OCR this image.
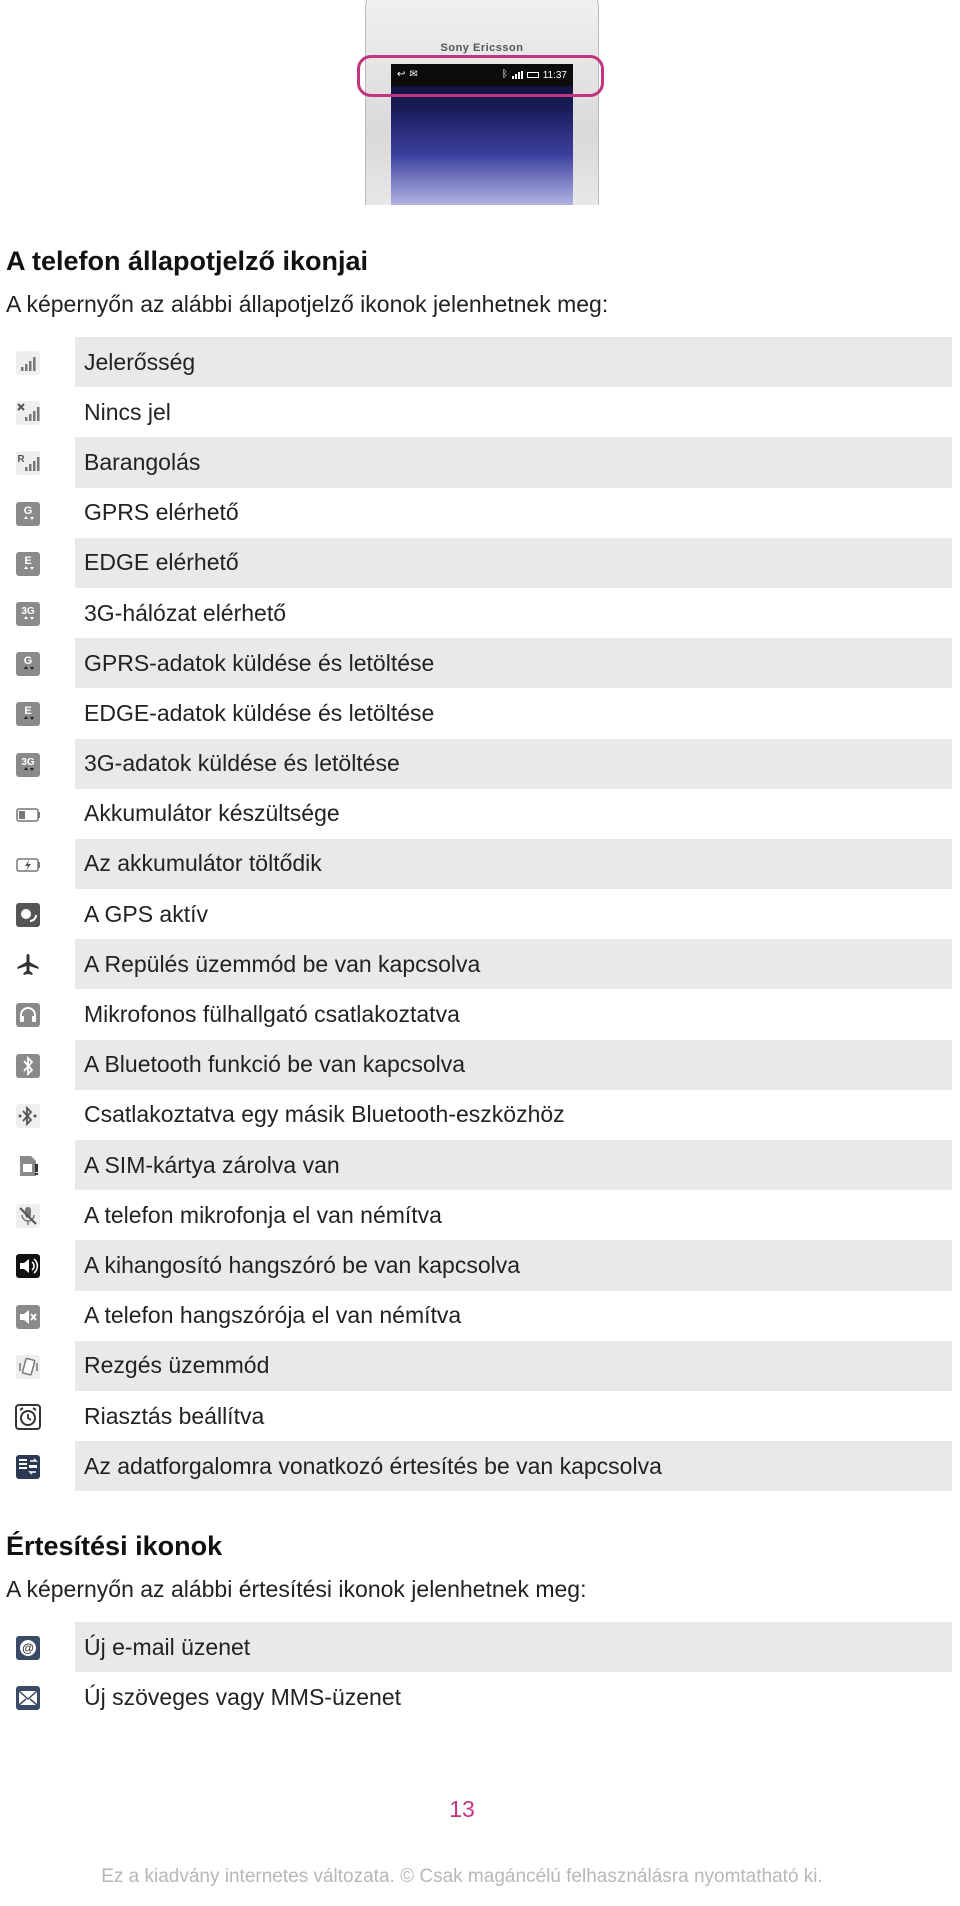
Sony Ericsson
↩ ✉	ᛒ	11:37
A telefon állapotjelző ikonjai

A képernyőn az alábbi állapotjelző ikonok jelenhetnek meg:

Jelerősség
Nincs jel
R	Barangolás
G	GPRS elérhető
E	EDGE elérhető
3G	3G-hálózat elérhető
G	GPRS-adatok küldése és letöltése
E	EDGE-adatok küldése és letöltése
3G	3G-adatok küldése és letöltése
Akkumulátor készültsége
Az akkumulátor töltődik
A GPS aktív
A Repülés üzemmód be van kapcsolva
Mikrofonos fülhallgató csatlakoztatva
A Bluetooth funkció be van kapcsolva
Csatlakoztatva egy másik Bluetooth-eszközhöz
A SIM-kártya zárolva van
A telefon mikrofonja el van némítva
A kihangosító hangszóró be van kapcsolva
A telefon hangszórója el van némítva
Rezgés üzemmód
Riasztás beállítva
Az adatforgalomra vonatkozó értesítés be van kapcsolva
Értesítési ikonok

A képernyőn az alábbi értesítési ikonok jelenhetnek meg:

@	Új e-mail üzenet
Új szöveges vagy MMS-üzenet
13
Ez a kiadvány internetes változata. © Csak magáncélú felhasználásra nyomtatható ki.
